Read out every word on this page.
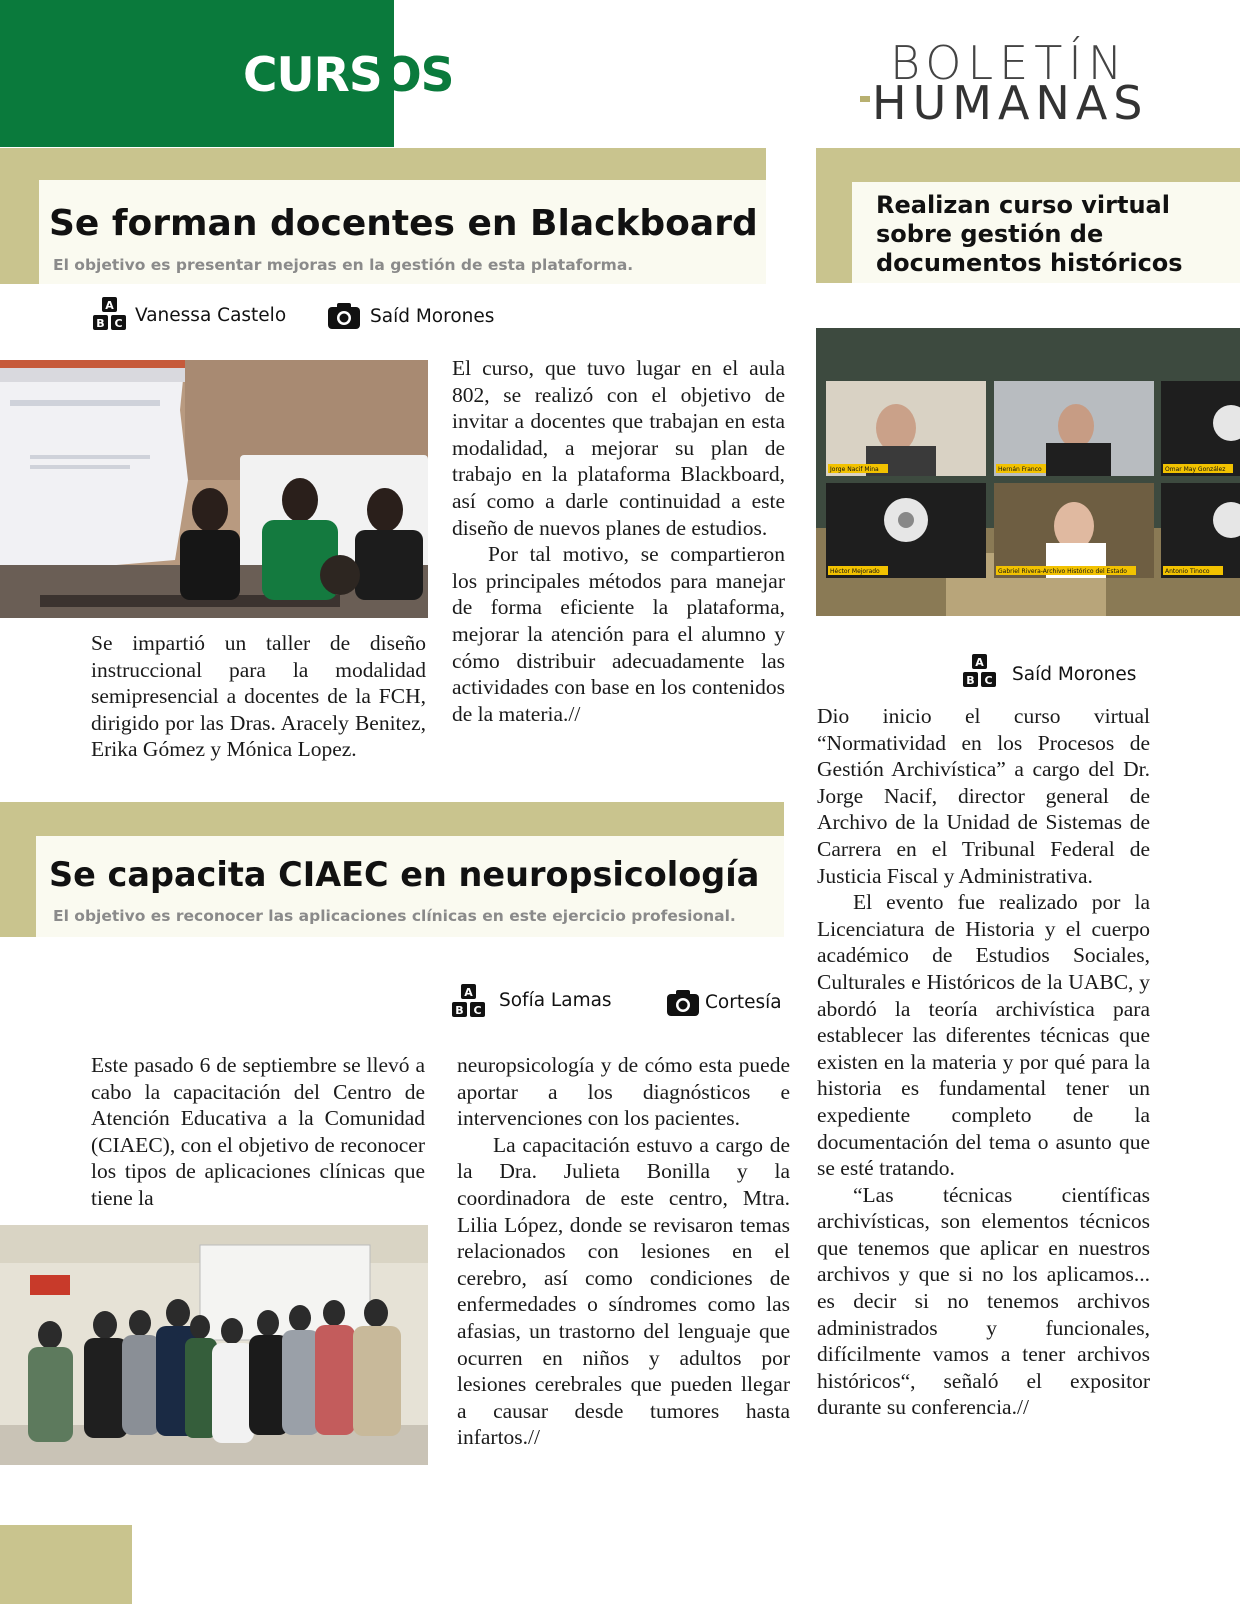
CURSOS	BOLETÍN
HUMANAS
Se forman docentes en Blackboard

El objetivo es presentar mejoras en la gestión de esta plataforma.

A
B C Vanessa Castelo	Saíd Morones

Se impartió un taller de diseño instruccional para la modalidad semipresencial a docentes de la FCH, dirigido por las Dras. Aracely Benitez, Erika Gómez y Mónica Lopez.

El curso, que tuvo lugar en el aula 802, se realizó con el objetivo de invitar a docentes que trabajan en esta modalidad, a mejorar su plan de trabajo en la plataforma Blackboard, así como a darle continuidad a este diseño de nuevos planes de estudios.

Por tal motivo, se compartieron los principales métodos para manejar de forma eficiente la plataforma, mejorar la atención para el alumno y cómo distribuir adecuadamente las actividades con base en los contenidos de la materia.//

Se capacita CIAEC en neuropsicología

El objetivo es reconocer las aplicaciones clínicas en este ejercicio profesional.

A
B C Sofía Lamas	Cortesía

Este pasado 6 de septiembre se llevó a cabo la capacitación del Centro de Atención Educativa a la Comunidad (CIAEC), con el objetivo de reconocer los tipos de aplicaciones clínicas que tiene la

neuropsicología y de cómo esta puede aportar a los diagnósticos e intervenciones con los pacientes.

La capacitación estuvo a cargo de la Dra. Julieta Bonilla y la coordinadora de este centro, Mtra. Lilia López, donde se revisaron temas relacionados con lesiones en el cerebro, así como condiciones de enfermedades o síndromes como las afasias, un trastorno del lenguaje que ocurren en niños y adultos por lesiones cerebrales que pueden llegar a causar desde tumores hasta infartos.//

Realizan curso virtual
sobre gestión de
documentos históricos
Jorge Nacif Mina	Hernán Franco	Omar May González
Héctor Mejorado	Gabriel Rivera-Archivo Histórico del Estado	Antonio Tinoco
A
B C Saíd Morones

Dio inicio el curso virtual “Normatividad en los Procesos de Gestión Archivística” a cargo del Dr. Jorge Nacif, director general de Archivo de la Unidad de Sistemas de Carrera en el Tribunal Federal de Justicia Fiscal y Administrativa.

El evento fue realizado por la Licenciatura de Historia y el cuerpo académico de Estudios Sociales, Culturales e Históricos de la UABC, y abordó la teoría archivística para establecer las diferentes técnicas que existen en la materia y por qué para la historia es fundamental tener un expediente completo de la documentación del tema o asunto que se esté tratando.

“Las técnicas científicas archivísticas, son elementos técnicos que tenemos que aplicar en nuestros archivos y que si no los aplicamos... es decir si no tenemos archivos administrados y funcionales, difícilmente vamos a tener archivos históricos“, señaló el expositor durante su conferencia.//
